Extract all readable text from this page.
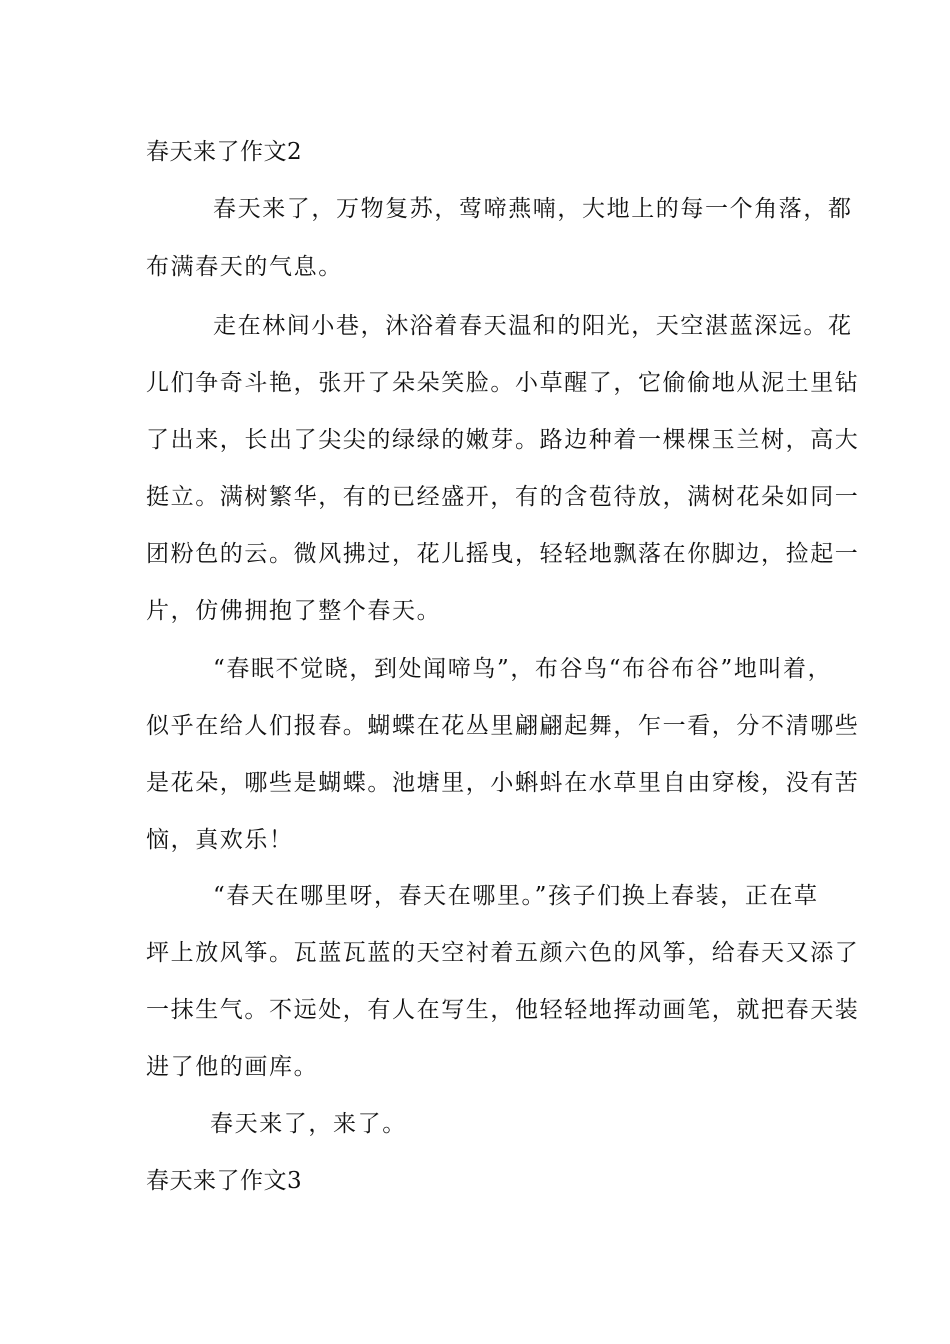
春天来了作文2
春天来了，万物复苏，莺啼燕喃，大地上的每一个角落，都
布满春天的气息。
走在林间小巷，沐浴着春天温和的阳光，天空湛蓝深远。花
儿们争奇斗艳，张开了朵朵笑脸。小草醒了，它偷偷地从泥土里钻
了出来，长出了尖尖的绿绿的嫩芽。路边种着一棵棵玉兰树，高大
挺立。满树繁华，有的已经盛开，有的含苞待放，满树花朵如同一
团粉色的云。微风拂过，花儿摇曳，轻轻地飘落在你脚边，捡起一
片，仿佛拥抱了整个春天。
“春眠不觉晓，到处闻啼鸟”，布谷鸟“布谷布谷”地叫着，
似乎在给人们报春。蝴蝶在花丛里翩翩起舞，乍一看，分不清哪些
是花朵，哪些是蝴蝶。池塘里，小蝌蚪在水草里自由穿梭，没有苦
恼，真欢乐！
“春天在哪里呀，春天在哪里。”孩子们换上春装，正在草
坪上放风筝。瓦蓝瓦蓝的天空衬着五颜六色的风筝，给春天又添了
一抹生气。不远处，有人在写生，他轻轻地挥动画笔，就把春天装
进了他的画库。
春天来了，来了。
春天来了作文3
